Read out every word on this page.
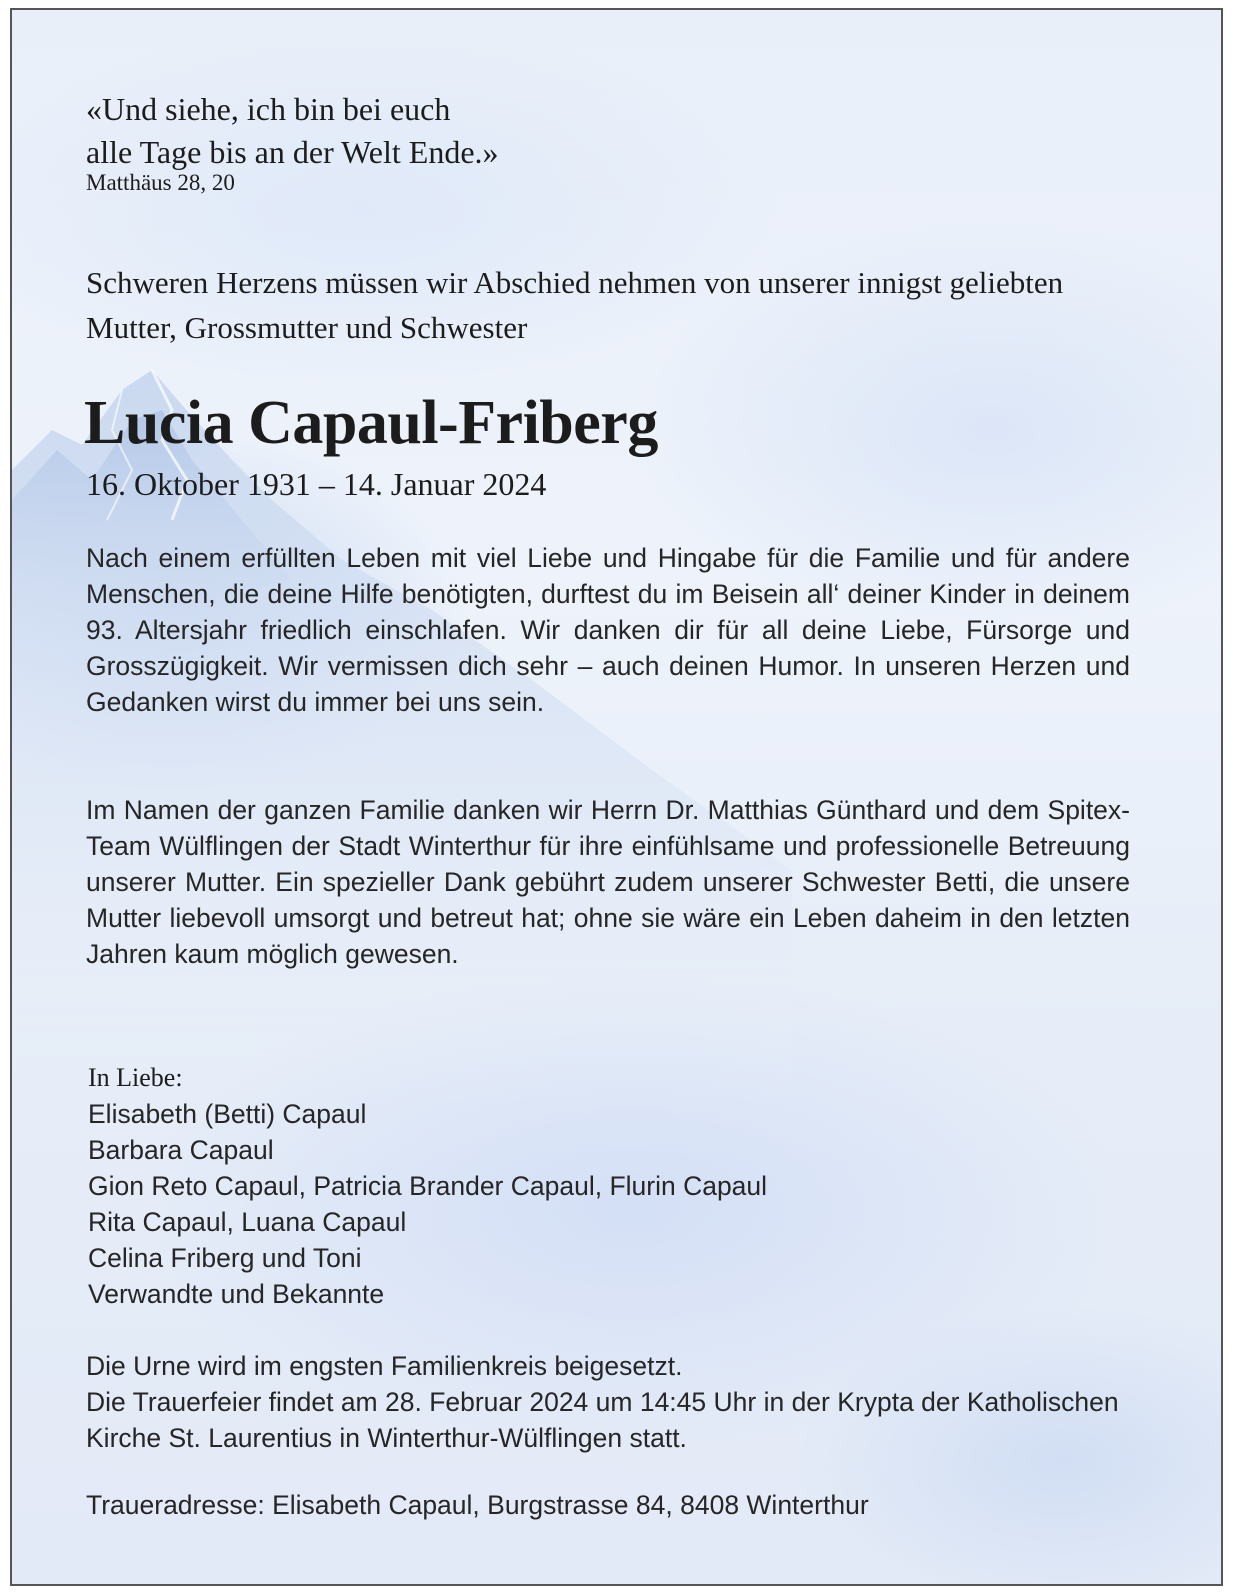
«Und siehe, ich bin bei euch
alle Tage bis an der Welt Ende.»
Matthäus 28, 20
Schweren Herzens müssen wir Abschied nehmen von unserer innigst geliebten Mutter, Grossmutter und Schwester
Lucia Capaul-Friberg
16. Oktober 1931 – 14. Januar 2024
Nach einem erfüllten Leben mit viel Liebe und Hingabe für die Familie und für andere Menschen, die deine Hilfe benötigten, durftest du im Beisein all‘ deiner Kinder in deinem 93. Altersjahr friedlich einschlafen. Wir danken dir für all deine Liebe, Fürsorge und Grosszügigkeit. Wir vermissen dich sehr – auch deinen Humor. In unseren Herzen und Gedanken wirst du immer bei uns sein.
Im Namen der ganzen Familie danken wir Herrn Dr. Matthias Günthard und dem Spitex-Team Wülflingen der Stadt Winterthur für ihre einfühlsame und professionelle Betreuung unserer Mutter. Ein spezieller Dank gebührt zudem unserer Schwester Betti, die unsere Mutter liebevoll umsorgt und betreut hat; ohne sie wäre ein Leben daheim in den letzten Jahren kaum möglich gewesen.
In Liebe:
Elisabeth (Betti) Capaul
Barbara Capaul
Gion Reto Capaul, Patricia Brander Capaul, Flurin Capaul
Rita Capaul, Luana Capaul
Celina Friberg und Toni
Verwandte und Bekannte
Die Urne wird im engsten Familienkreis beigesetzt.
Die Trauerfeier findet am 28. Februar 2024 um 14:45 Uhr in der Krypta der Katholischen Kirche St. Laurentius in Winterthur-Wülflingen statt.
Traueradresse: Elisabeth Capaul, Burgstrasse 84, 8408 Winterthur
